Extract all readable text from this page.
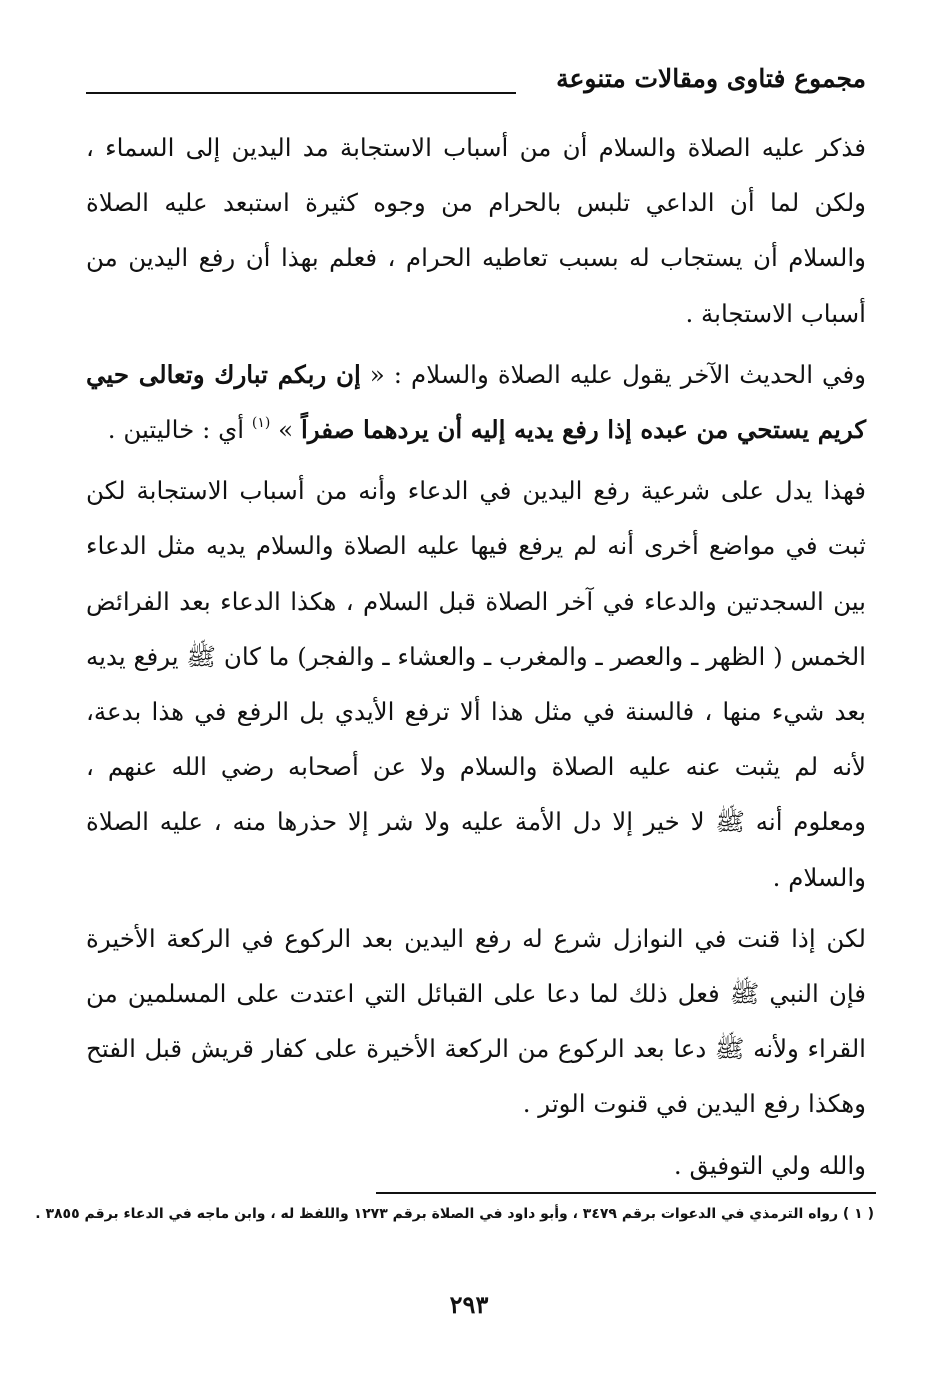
مجموع فتاوى ومقالات متنوعة

فذكر عليه الصلاة والسلام أن من أسباب الاستجابة مد اليدين إلى السماء ، ولكن لما أن الداعي تلبس بالحرام من وجوه كثيرة استبعد عليه الصلاة والسلام أن يستجاب له بسبب تعاطيه الحرام ، فعلم بهذا أن رفع اليدين من أسباب الاستجابة .

وفي الحديث الآخر يقول عليه الصلاة والسلام : « إن ربكم تبارك وتعالى حيي كريم يستحي من عبده إذا رفع يديه إليه أن يردهما صفراً » $^{(١)}$ أي : خاليتين .

فهذا يدل على شرعية رفع اليدين في الدعاء وأنه من أسباب الاستجابة لكن ثبت في مواضع أخرى أنه لم يرفع فيها عليه الصلاة والسلام يديه مثل الدعاء بين السجدتين والدعاء في آخر الصلاة قبل السلام ، هكذا الدعاء بعد الفرائض الخمس ( الظهر ـ والعصر ـ والمغرب ـ والعشاء ـ والفجر) ما كان ﷺ يرفع يديه بعد شيء منها ، فالسنة في مثل هذا ألا ترفع الأيدي بل الرفع في هذا بدعة، لأنه لم يثبت عنه عليه الصلاة والسلام ولا عن أصحابه رضي الله عنهم ، ومعلوم أنه ﷺ لا خير إلا دل الأمة عليه ولا شر إلا حذرها منه ، عليه الصلاة والسلام .

لكن إذا قنت في النوازل شرع له رفع اليدين بعد الركوع في الركعة الأخيرة فإن النبي ﷺ فعل ذلك لما دعا على القبائل التي اعتدت على المسلمين من القراء ولأنه ﷺ دعا بعد الركوع من الركعة الأخيرة على كفار قريش قبل الفتح وهكذا رفع اليدين في قنوت الوتر .

والله ولي التوفيق .

( ١ ) رواه الترمذي في الدعوات برقم ٣٤٧٩ ، وأبو داود في الصلاة برقم ١٢٧٣ واللفظ له ، وابن ماجه في الدعاء برقم ٣٨٥٥ .
٢٩٣
